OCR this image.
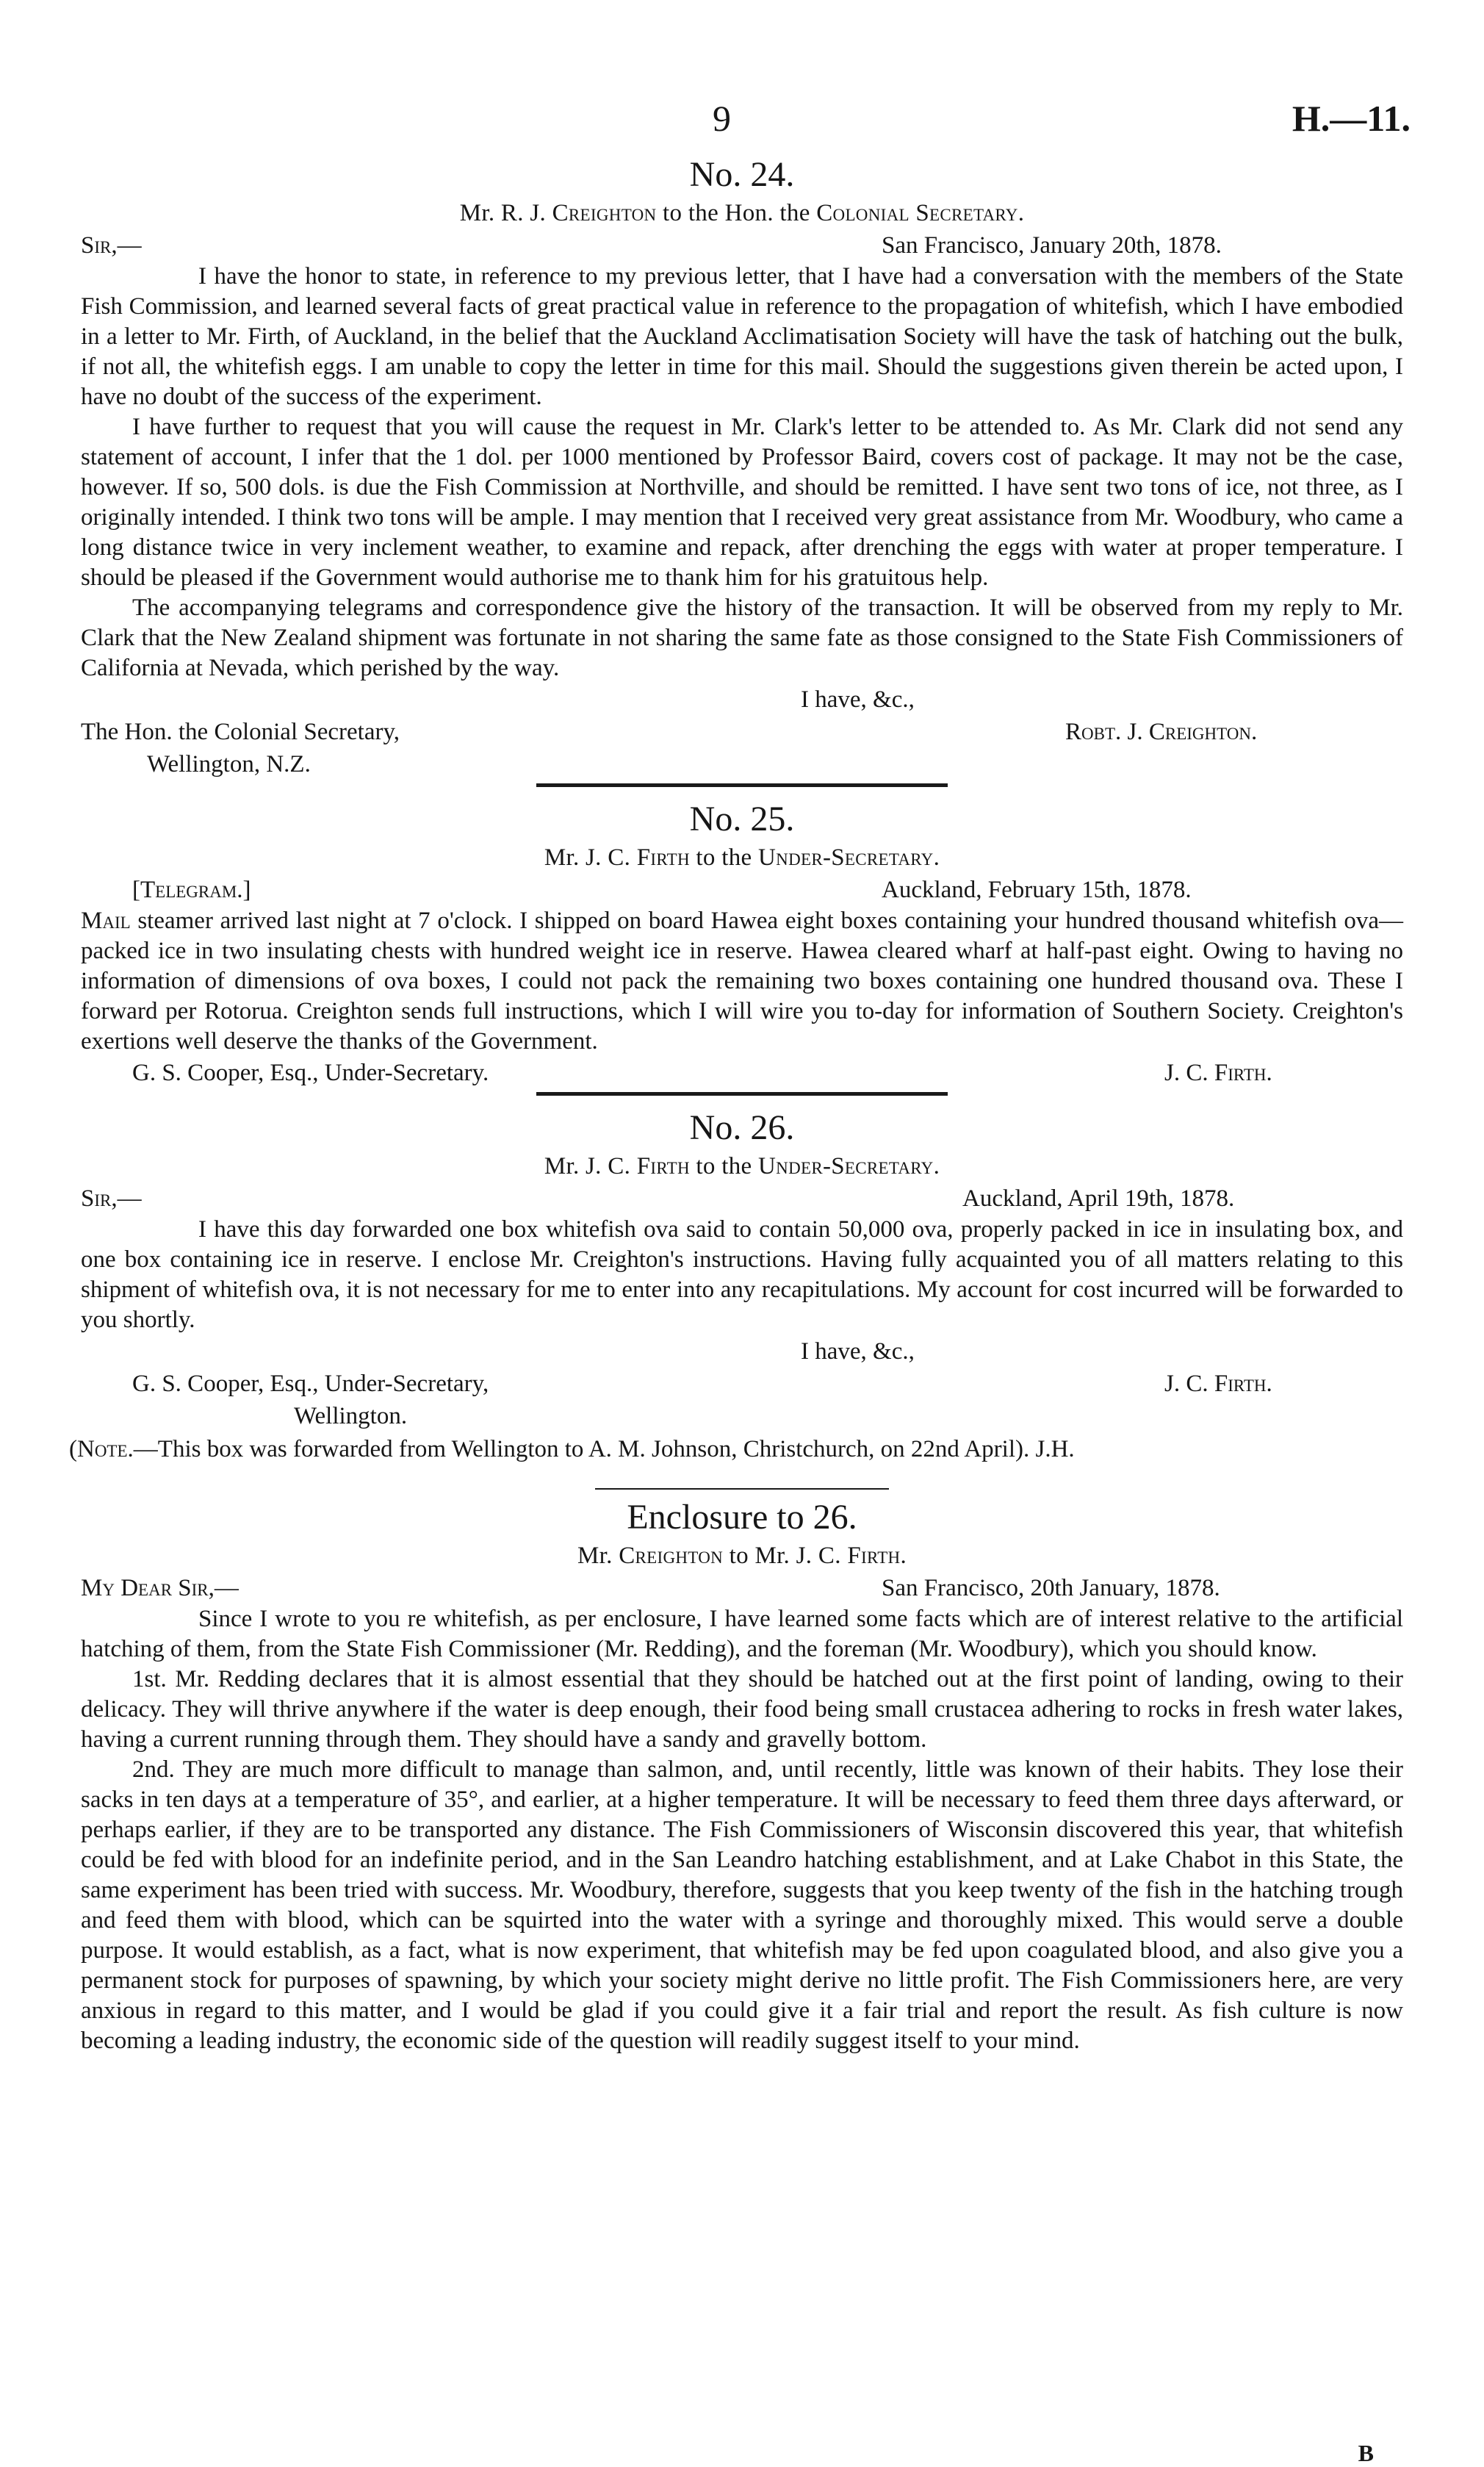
9	H.—11.
No. 24.
Mr. R. J. Creighton to the Hon. the Colonial Secretary.
Sir,—	San Francisco, January 20th, 1878.

I have the honor to state, in reference to my previous letter, that I have had a conversation with the members of the State Fish Commission, and learned several facts of great practical value in reference to the propagation of whitefish, which I have embodied in a letter to Mr. Firth, of Auckland, in the belief that the Auckland Acclimatisation Society will have the task of hatching out the bulk, if not all, the whitefish eggs. I am unable to copy the letter in time for this mail. Should the suggestions given therein be acted upon, I have no doubt of the success of the experiment.

I have further to request that you will cause the request in Mr. Clark's letter to be attended to. As Mr. Clark did not send any statement of account, I infer that the 1 dol. per 1000 mentioned by Professor Baird, covers cost of package. It may not be the case, however. If so, 500 dols. is due the Fish Commission at Northville, and should be remitted. I have sent two tons of ice, not three, as I originally intended. I think two tons will be ample. I may mention that I received very great assistance from Mr. Woodbury, who came a long distance twice in very inclement weather, to examine and repack, after drenching the eggs with water at proper temperature. I should be pleased if the Government would authorise me to thank him for his gratuitous help.

The accompanying telegrams and correspondence give the history of the transaction. It will be observed from my reply to Mr. Clark that the New Zealand shipment was fortunate in not sharing the same fate as those consigned to the State Fish Commissioners of California at Nevada, which perished by the way.

I have, &c.,
The Hon. the Colonial Secretary,	Robt. J. Creighton.
Wellington, N.Z.
No. 25.
Mr. J. C. Firth to the Under-Secretary.
[Telegram.]	Auckland, February 15th, 1878.

Mail steamer arrived last night at 7 o'clock. I shipped on board Hawea eight boxes containing your hundred thousand whitefish ova—packed ice in two insulating chests with hundred weight ice in reserve. Hawea cleared wharf at half-past eight. Owing to having no information of dimensions of ova boxes, I could not pack the remaining two boxes containing one hundred thousand ova. These I forward per Rotorua. Creighton sends full instructions, which I will wire you to-day for information of Southern Society. Creighton's exertions well deserve the thanks of the Government.

G. S. Cooper, Esq., Under-Secretary.	J. C. Firth.
No. 26.
Mr. J. C. Firth to the Under-Secretary.
Sir,—	Auckland, April 19th, 1878.

I have this day forwarded one box whitefish ova said to contain 50,000 ova, properly packed in ice in insulating box, and one box containing ice in reserve. I enclose Mr. Creighton's instructions. Having fully acquainted you of all matters relating to this shipment of whitefish ova, it is not necessary for me to enter into any recapitulations. My account for cost incurred will be forwarded to you shortly.

I have, &c.,
G. S. Cooper, Esq., Under-Secretary,	J. C. Firth.
Wellington.
(Note.—This box was forwarded from Wellington to A. M. Johnson, Christchurch, on 22nd April). J.H.
Enclosure to 26.
Mr. Creighton to Mr. J. C. Firth.
My Dear Sir,—	San Francisco, 20th January, 1878.

Since I wrote to you re whitefish, as per enclosure, I have learned some facts which are of interest relative to the artificial hatching of them, from the State Fish Commissioner (Mr. Redding), and the foreman (Mr. Woodbury), which you should know.

1st. Mr. Redding declares that it is almost essential that they should be hatched out at the first point of landing, owing to their delicacy. They will thrive anywhere if the water is deep enough, their food being small crustacea adhering to rocks in fresh water lakes, having a current running through them. They should have a sandy and gravelly bottom.

2nd. They are much more difficult to manage than salmon, and, until recently, little was known of their habits. They lose their sacks in ten days at a temperature of 35°, and earlier, at a higher temperature. It will be necessary to feed them three days afterward, or perhaps earlier, if they are to be transported any distance. The Fish Commissioners of Wisconsin discovered this year, that whitefish could be fed with blood for an indefinite period, and in the San Leandro hatching establishment, and at Lake Chabot in this State, the same experiment has been tried with success. Mr. Woodbury, therefore, suggests that you keep twenty of the fish in the hatching trough and feed them with blood, which can be squirted into the water with a syringe and thoroughly mixed. This would serve a double purpose. It would establish, as a fact, what is now experiment, that whitefish may be fed upon coagulated blood, and also give you a permanent stock for purposes of spawning, by which your society might derive no little profit. The Fish Commissioners here, are very anxious in regard to this matter, and I would be glad if you could give it a fair trial and report the result. As fish culture is now becoming a leading industry, the economic side of the question will readily suggest itself to your mind.

B
